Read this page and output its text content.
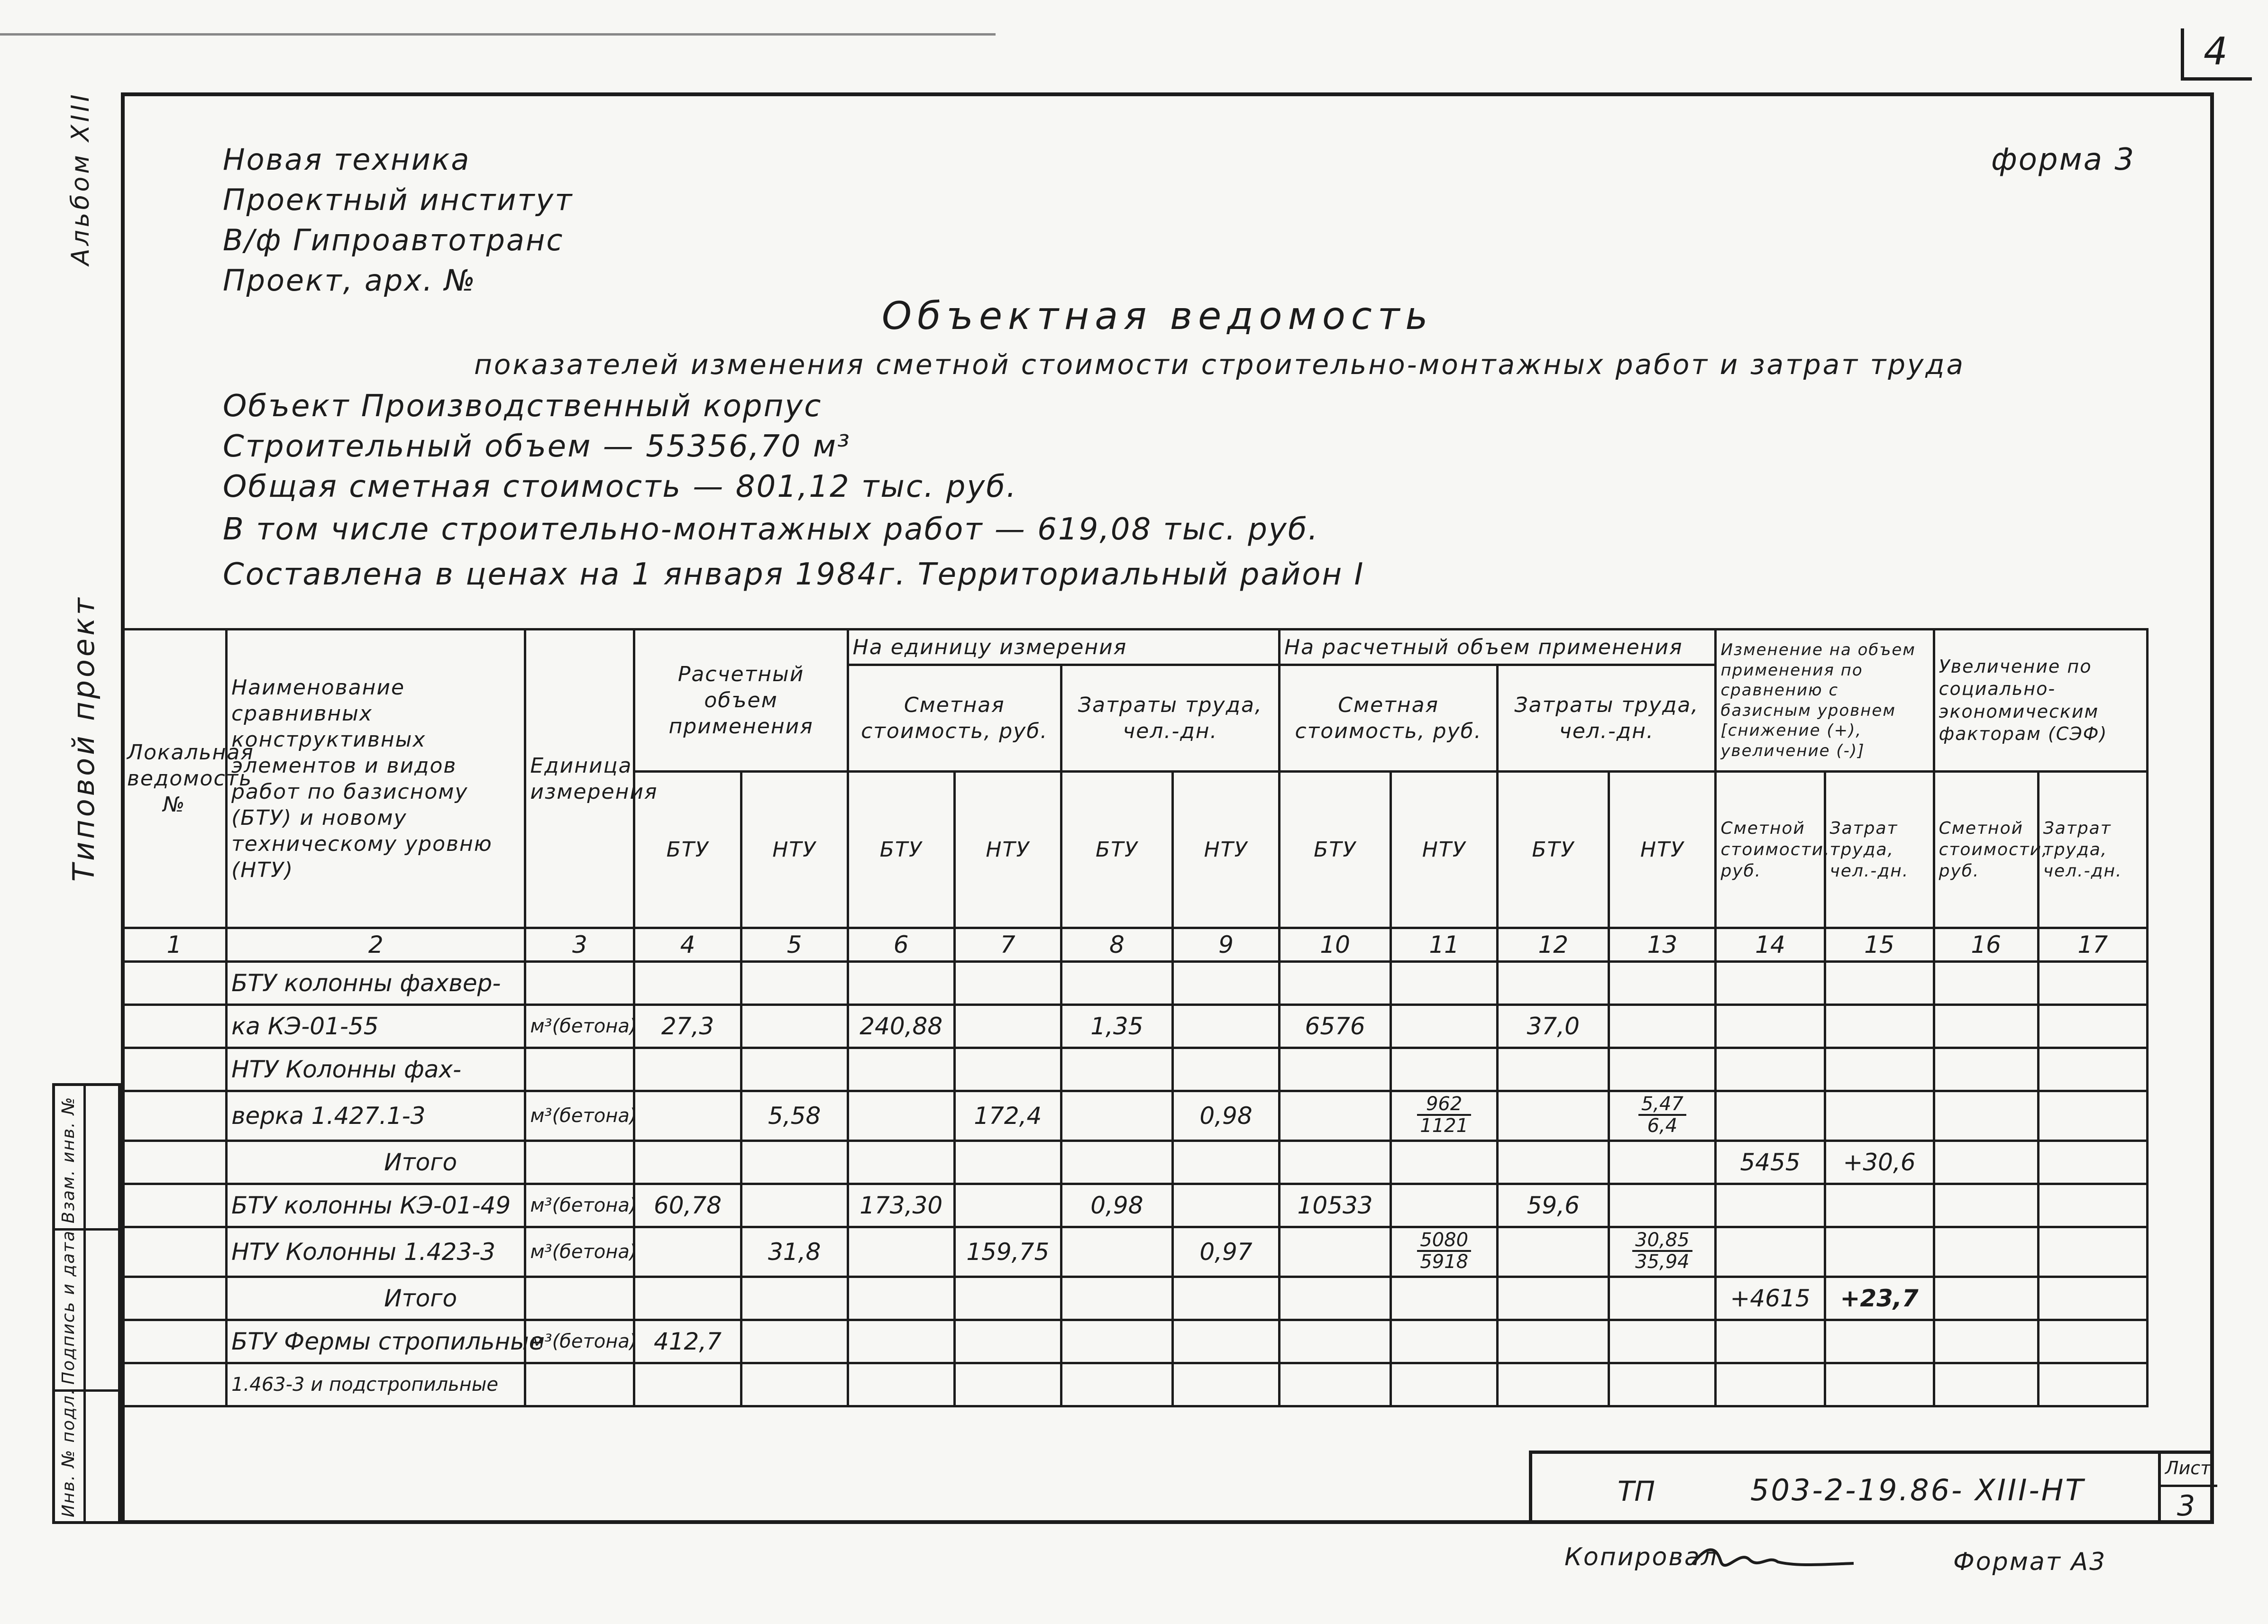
4
Альбом XIII
Типовой проект
Взам. инв. №
Подпись и дата
Инв. № подл.
Новая техника
Проектный институт
В/ф Гипроавтотранс
Проект, арх. №
форма 3
Объектная ведомость
показателей изменения сметной стоимости строительно-монтажных работ и затрат труда
Объект Производственный корпус
Строительный объем — 55356,70 м³
Общая сметная стоимость — 801,12 тыс. руб.
В том числе строительно-монтажных работ — 619,08 тыс. руб.
Составлена в ценах на 1 января 1984г. Территориальный район I
Локальная ведомость №	Наименование сравнивных конструктивных элементов и видов работ по базисному (БТУ) и новому техническому уровню (НТУ)	Единица измерения	Расчетный объем применения		На единицу измерения				На расчетный объем применения				Изменение на объем применения по сравнению с базисным уровнем [снижение (+), увеличение (-)]		Увеличение по социально-экономическим факторам (СЭФ)	
					Сметная стоимость, руб.		Затраты труда, чел.-дн.		Сметная стоимость, руб.		Затраты труда, чел.-дн.					
			БТУ	НТУ	БТУ	НТУ	БТУ	НТУ	БТУ	НТУ	БТУ	НТУ	Сметной стоимости, руб.	Затрат труда, чел.-дн.	Сметной стоимости, руб.	Затрат труда, чел.-дн.
1	2	3	4	5	6	7	8	9	10	11	12	13	14	15	16	17
	БТУ колонны фахвер-															
	ка КЭ-01-55	м³(бетона)	27,3		240,88		1,35		6576		37,0					
	НТУ Колонны фах-															
	верка 1.427.1-3	м³(бетона)		5,58		172,4		0,98		$\frac{962}{1121}$		$\frac{5,47}{6,4}$

	Итого												5455	+30,6		
	БТУ колонны КЭ-01-49	м³(бетона)	60,78		173,30		0,98		10533		59,6					
	НТУ Колонны 1.423-3	м³(бетона)		31,8		159,75		0,97		$\frac{5080}{5918}$		$\frac{30,85}{35,94}$

	Итого												+4615	+23,7		
	БТУ Фермы стропильные	м³(бетона)	412,7													
	1.463-3 и подстропильные															
ТП	503-2-19.86- XIII-НТ
Лист
3
Копировал	Формат А3
